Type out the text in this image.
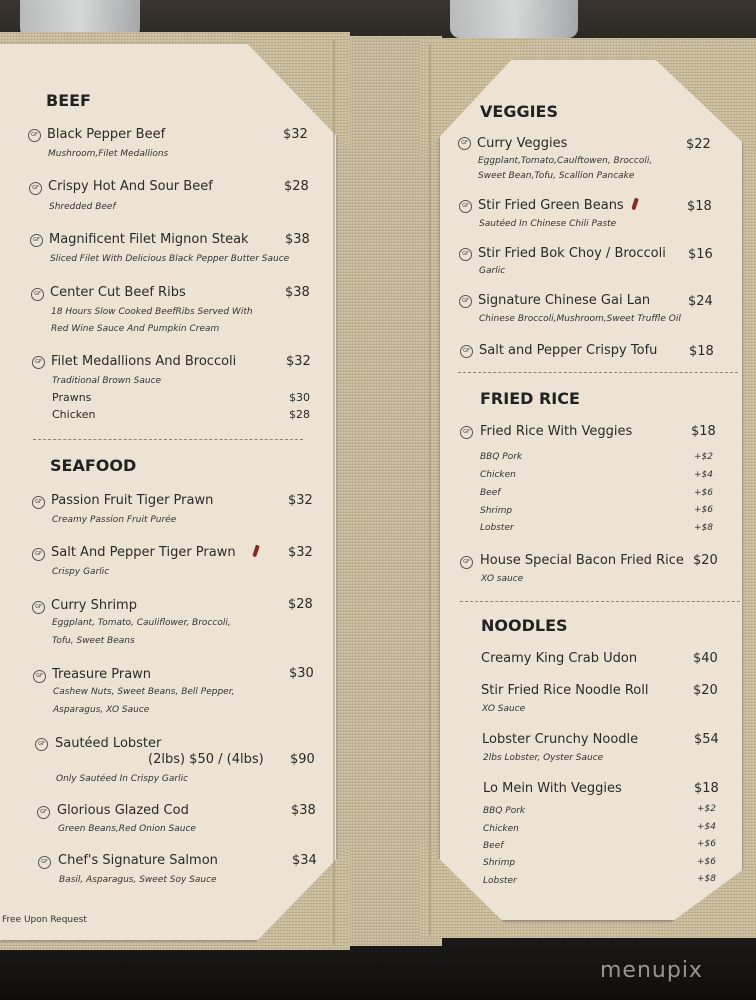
BEEF
GF Black Pepper Beef	$32
Mushroom,Filet Medallions
GF Crispy Hot And Sour Beef	$28
Shredded Beef
GF Magnificent Filet Mignon Steak	$38
Sliced Filet With Delicious Black Pepper Butter Sauce
GF Center Cut Beef Ribs	$38
18 Hours Slow Cooked BeefRibs Served With
Red Wine Sauce And Pumpkin Cream
GF Filet Medallions And Broccoli	$32
Traditional Brown Sauce
Prawns	$30
Chicken	$28
SEAFOOD
GF Passion Fruit Tiger Prawn	$32
Creamy Passion Fruit Purée
GF Salt And Pepper Tiger Prawn	$32
Crispy Garlic
GF Curry Shrimp	$28
Eggplant, Tomato, Cauliflower, Broccoli,
Tofu, Sweet Beans
GF Treasure Prawn	$30
Cashew Nuts, Sweet Beans, Bell Pepper,
Asparagus, XO Sauce
GF Sautéed Lobster
(2lbs) $50 / (4lbs) $90
Only Sautéed In Crispy Garlic
GF Glorious Glazed Cod	$38
Green Beans,Red Onion Sauce
GF Chef's Signature Salmon	$34
Basil, Asparagus, Sweet Soy Sauce
Free Upon Request
VEGGIES
GF Curry Veggies	$22
Eggplant,Tomato,Caulftowen, Broccoli,
Sweet Bean,Tofu, Scallion Pancake
GF Stir Fried Green Beans	$18
Sautéed In Chinese Chili Paste
GF Stir Fried Bok Choy / Broccoli $16
Garlic
GF Signature Chinese Gai Lan	$24
Chinese Broccoli,Mushroom,Sweet Truffle Oil
GF Salt and Pepper Crispy Tofu $18
FRIED RICE
GF Fried Rice With Veggies	$18
BBQ Pork	+$2
Chicken	+$4
Beef	+$6
Shrimp	+$6
Lobster	+$8
GF House Special Bacon Fried Rice $20
XO sauce
NOODLES
Creamy King Crab Udon	$40
Stir Fried Rice Noodle Roll	$20
XO Sauce
Lobster Crunchy Noodle	$54
2lbs Lobster, Oyster Sauce
Lo Mein With Veggies	$18
BBQ Pork	+$2
Chicken	+$4
Beef	+$6
Shrimp	+$6
Lobster	+$8
menupix
